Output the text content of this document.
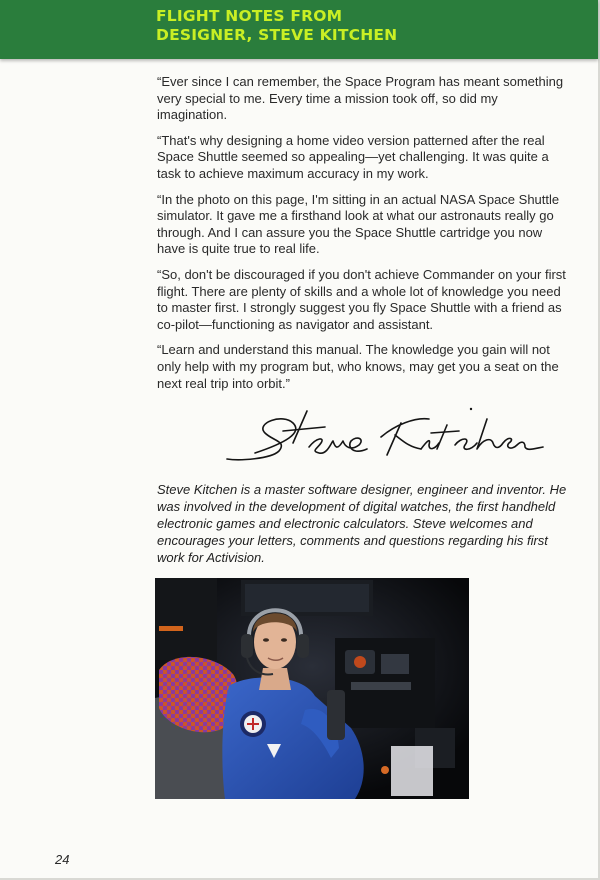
FLIGHT NOTES FROM
DESIGNER, STEVE KITCHEN

“Ever since I can remember, the Space Program has meant something very special to me. Every time a mission took off, so did my imagination.

“That's why designing a home video version patterned after the real Space Shuttle seemed so appealing—yet challenging. It was quite a task to achieve maximum accuracy in my work.

“In the photo on this page, I'm sitting in an actual NASA Space Shuttle simulator. It gave me a firsthand look at what our astronauts really go through. And I can assure you the Space Shuttle cartridge you now have is quite true to real life.

“So, don't be discouraged if you don't achieve Commander on your first flight. There are plenty of skills and a whole lot of knowledge you need to master first. I strongly suggest you fly Space Shuttle with a friend as co-pilot—functioning as navigator and assistant.

“Learn and understand this manual. The knowledge you gain will not only help with my program but, who knows, may get you a seat on the next real trip into orbit.”

Steve Kitchen is a master software designer, engineer and inventor. He was involved in the development of digital watches, the first handheld electronic games and electronic calculators. Steve welcomes and encourages your letters, comments and questions regarding his first work for Activision.

24
